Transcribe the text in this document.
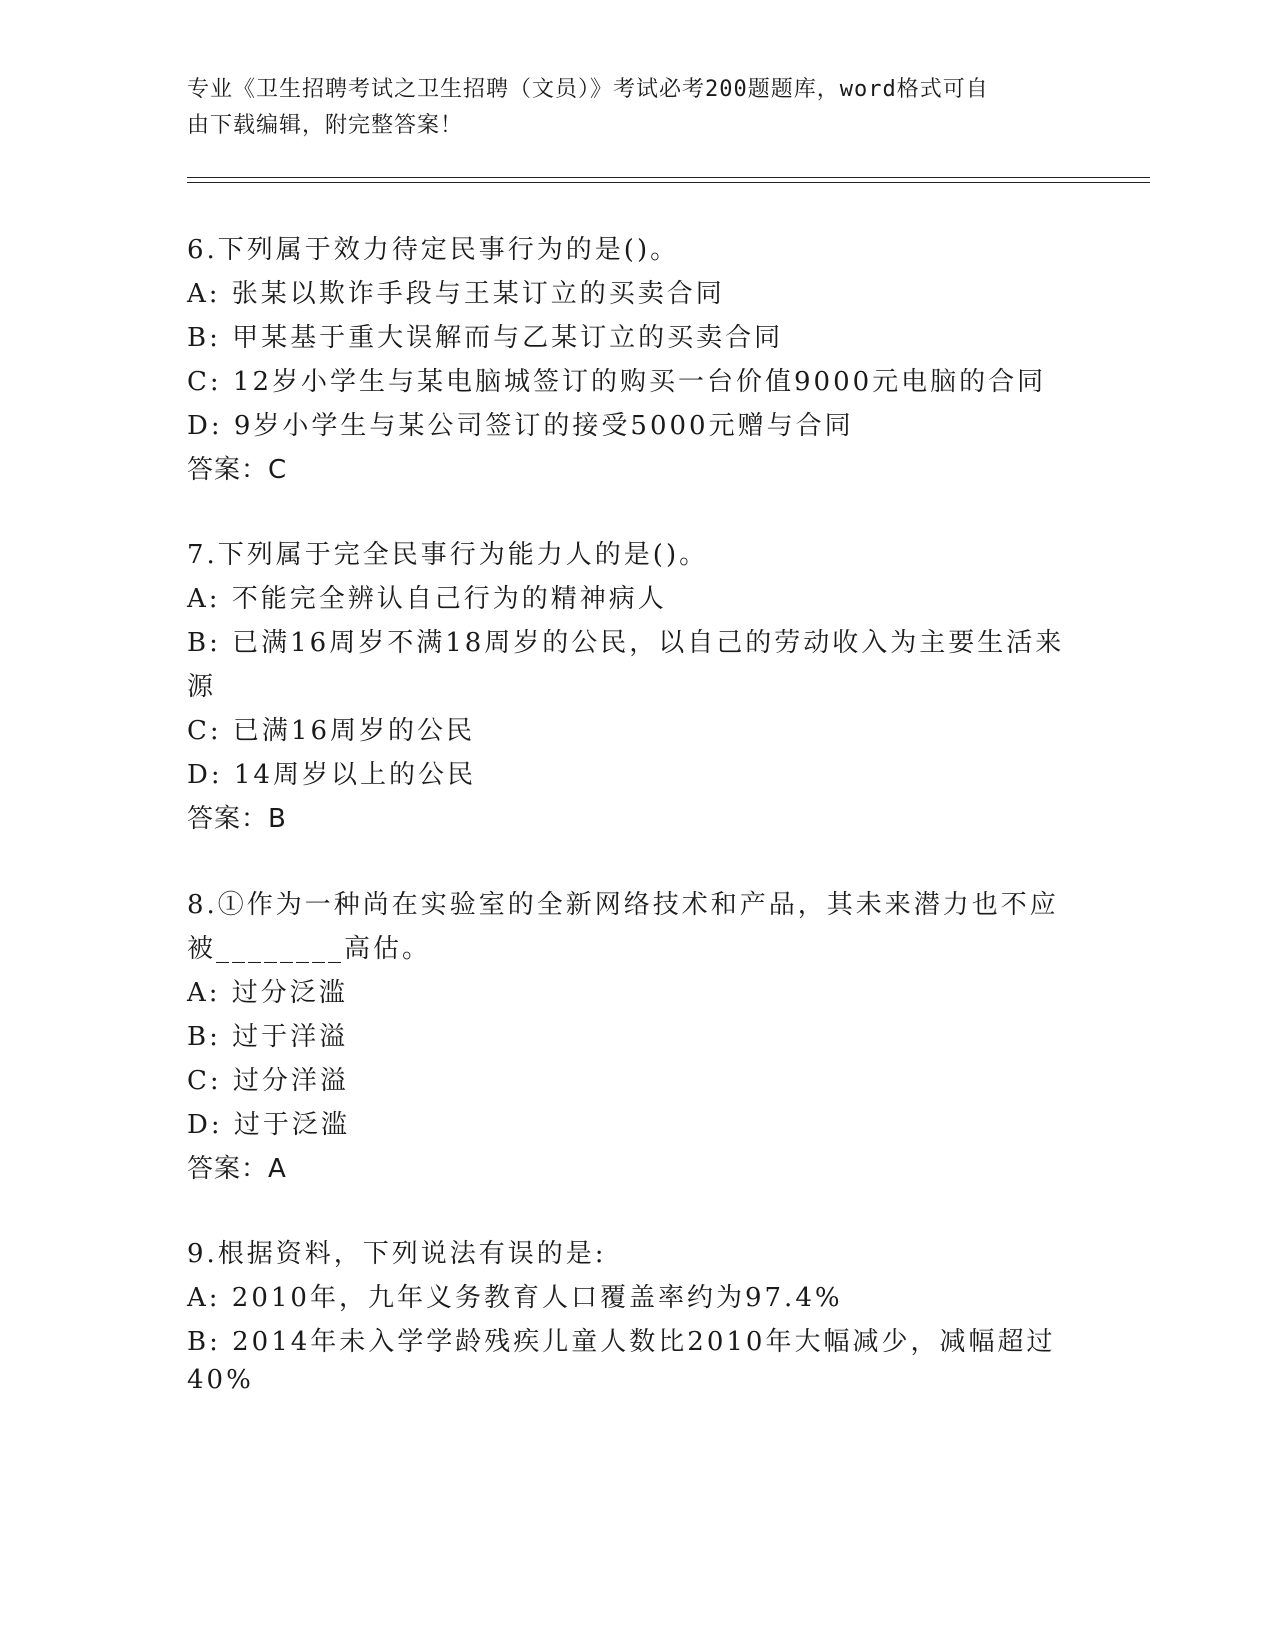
专业《卫生招聘考试之卫生招聘（文员）》考试必考200题题库，word格式可自
由下载编辑，附完整答案！
6.下列属于效力待定民事行为的是()。
A: 张某以欺诈手段与王某订立的买卖合同
B: 甲某基于重大误解而与乙某订立的买卖合同
C: 12岁小学生与某电脑城签订的购买一台价值9000元电脑的合同
D: 9岁小学生与某公司签订的接受5000元赠与合同
答案：C
7.下列属于完全民事行为能力人的是()。
A: 不能完全辨认自己行为的精神病人
B: 已满16周岁不满18周岁的公民，以自己的劳动收入为主要生活来
源
C: 已满16周岁的公民
D: 14周岁以上的公民
答案：B
8.①作为一种尚在实验室的全新网络技术和产品，其未来潜力也不应
被________高估。
A: 过分泛滥
B: 过于洋溢
C: 过分洋溢
D: 过于泛滥
答案：A
9.根据资料，下列说法有误的是:
A: 2010年，九年义务教育人口覆盖率约为97.4%
B: 2014年未入学学龄残疾儿童人数比2010年大幅减少，减幅超过
40%
